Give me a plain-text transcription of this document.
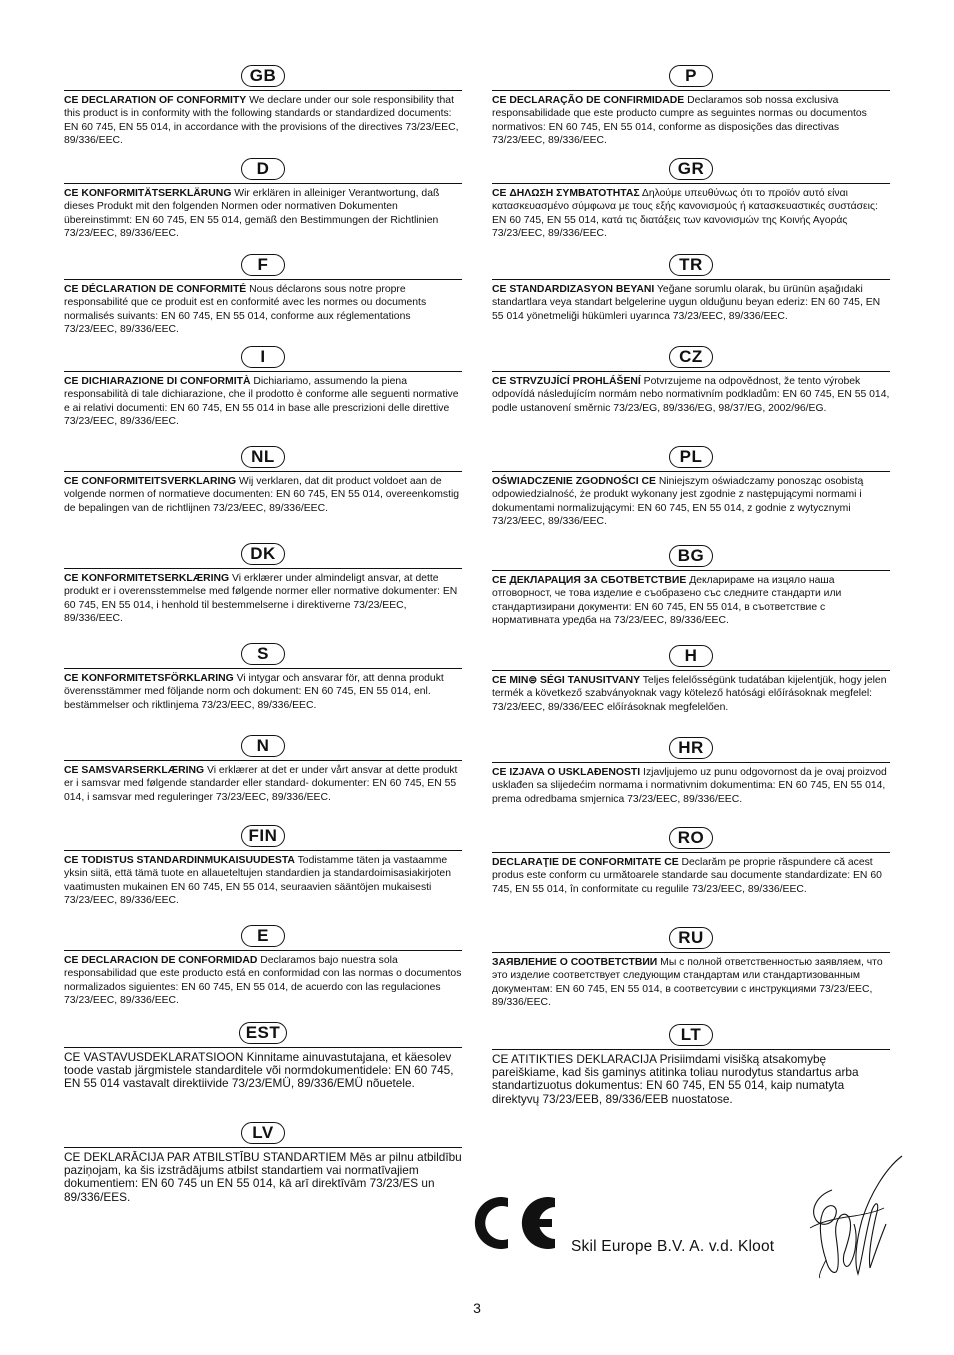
GB
CE DECLARATION OF CONFORMITY We declare under our sole responsibility that this product is in conformity with the following standards or standardized documents: EN 60 745, EN 55 014, in accordance with the provisions of the directives 73/23/EEC, 89/336/EEC.
D
CE KONFORMITÄTSERKLÄRUNG Wir erklären in alleiniger Verantwortung, daß dieses Produkt mit den folgenden Normen oder normativen Dokumenten übereinstimmt: EN 60 745, EN 55 014, gemäß den Bestimmungen der Richtlinien 73/23/EEC, 89/336/EEC.
F
CE DÉCLARATION DE CONFORMITÉ Nous déclarons sous notre propre responsabilité que ce produit est en conformité avec les normes ou documents normalisés suivants: EN 60 745, EN 55 014, conforme aux réglementations 73/23/EEC, 89/336/EEC.
I
CE DICHIARAZIONE DI CONFORMITÀ Dichiariamo, assumendo la piena responsabilità di tale dichiarazione, che il prodotto è conforme alle seguenti normative e ai relativi documenti: EN 60 745, EN 55 014 in base alle prescrizioni delle direttive 73/23/EEC, 89/336/EEC.
NL
CE CONFORMITEITSVERKLARING Wij verklaren, dat dit product voldoet aan de volgende normen of normatieve documenten: EN 60 745, EN 55 014, overeenkomstig de bepalingen van de richtlijnen 73/23/EEC, 89/336/EEC.
DK
CE KONFORMITETSERKLÆRING Vi erklærer under almindeligt ansvar, at dette produkt er i overensstemmelse med følgende normer eller normative dokumenter: EN 60 745, EN 55 014, i henhold til bestemmelserne i direktiverne 73/23/EEC, 89/336/EEC.
S
CE KONFORMITETSFÖRKLARING Vi intygar och ansvarar för, att denna produkt överensstämmer med följande norm och dokument: EN 60 745, EN 55 014, enl. bestämmelser och riktlinjema 73/23/EEC, 89/336/EEC.
N
CE SAMSVARSERKLÆRING Vi erklærer at det er under vårt ansvar at dette produkt er i samsvar med følgende standarder eller standard- dokumenter: EN 60 745, EN 55 014, i samsvar med reguleringer 73/23/EEC, 89/336/EEC.
FIN
CE TODISTUS STANDARDINMUKAISUUDESTA Todistamme täten ja vastaamme yksin siitä, että tämä tuote en allaueteltujen standardien ja standardoimisasiakirjoten vaatimusten mukainen EN 60 745, EN 55 014, seuraavien sääntöjen mukaisesti 73/23/EEC, 89/336/EEC.
E
CE DECLARACION DE CONFORMIDAD Declaramos bajo nuestra sola responsabilidad que este producto está en conformidad con las normas o documentos normalizados siguientes: EN 60 745, EN 55 014, de acuerdo con las regulaciones 73/23/EEC, 89/336/EEC.
EST
CE VASTAVUSDEKLARATSIOON Kinnitame ainuvastutajana, et käesolev toode vastab järgmistele standarditele või normdokumentidele: EN 60 745, EN 55 014 vastavalt direktiivide 73/23/EMÜ, 89/336/EMÜ nõuetele.
LV
CE DEKLARĀCIJA PAR ATBILSTĪBU STANDARTIEM Mēs ar pilnu atbildību paziņojam, ka šis izstrādājums atbilst standartiem vai normatīvajiem dokumentiem: EN 60 745 un EN 55 014, kā arī direktīvām 73/23/ES un 89/336/EES.
P
CE DECLARAÇÃO DE CONFIRMIDADE Declaramos sob nossa exclusiva responsabilidade que este producto cumpre as seguintes normas ou documentos normativos: EN 60 745, EN 55 014, conforme as disposições das directivas 73/23/EEC, 89/336/EEC.
GR
CE ΔΗΛΩΣΗ ΣΥΜΒΑΤΟΤΗΤΑΣ Δηλούμε υπευθύνως ότι το προϊόν αυτό είναι κατασκευασμένο σύμφωνα με τους εξής κανονισμούς ή κατασκευαστικές συστάσεις: EN 60 745, EN 55 014, κατά τις διατάξεις των κανονισμών της Κοινής Αγοράς 73/23/EEC, 89/336/EEC.
TR
CE STANDARDIZASYON BEYANI Yeğane sorumlu olarak, bu ürünün aşağıdaki standartlara veya standart belgelerine uygun olduğunu beyan ederiz: EN 60 745, EN 55 014 yönetmeliği hükümleri uyarınca 73/23/EEC, 89/336/EEC.
CZ
CE STRVZUJÍCÍ PROHLÁŠENÍ Potvrzujeme na odpovědnost, že tento výrobek odpovídá následujícím normám nebo normativním podkladům: EN 60 745, EN 55 014, podle ustanovení směrnic 73/23/EG, 89/336/EG, 98/37/EG, 2002/96/EG.
PL
OŚWIADCZENIE ZGODNOŚCI CE Niniejszym oświadczamy ponosząc osobistą odpowiedzialność, że produkt wykonany jest zgodnie z następującymi normami i dokumentami normalizującymi: EN 60 745, EN 55 014, z godnie z wytycznymi 73/23/EEC, 89/336/EEC.
BG
CE ДЕКЛАРАЦИЯ ЗА СБОТВЕТСТВИЕ Декларираме на изцяло наша отговорност, че това изделие е съобразено със следните стандарти или стандартизирани документи: EN 60 745, EN 55 014, в съответствие с нормативната уредба на 73/23/EEC, 89/336/EEC.
H
CE MIN⊜ SÉGI TANUSITVANY Teljes felelősségünk tudatában kijelentjük, hogy jelen termék a következő szabványoknak vagy kötelező hatósági előírásoknak megfelel: 73/23/EEC, 89/336/EEC előírásoknak megfelelően.
HR
CE IZJAVA O USKLAĐENOSTI Izjavljujemo uz punu odgovornost da je ovaj proizvod usklađen sa slijedećim normama i normativnim dokumentima: EN 60 745, EN 55 014, prema odredbama smjernica 73/23/EEC, 89/336/EEC.
RO
DECLARAŢIE DE CONFORMITATE CE Declarăm pe proprie răspundere că acest produs este conform cu următoarele standarde sau documente standardizate: EN 60 745, EN 55 014, în conformitate cu regulile 73/23/EEC, 89/336/EEC.
RU
ЗАЯВЛЕНИЕ О СООТВЕТСТВИИ Мы с полной ответственностью заявляем, что это изделие соответствует следующим стандартам или стандартизованным документам: EN 60 745, EN 55 014, в соответсувии с инструкциями 73/23/EEC, 89/336/EEC.
LT
CE ATITIKTIES DEKLARACIJA Prisiimdami visišką atsakomybę pareiškiame, kad šis gaminys atitinka toliau nurodytus standartus arba standartizuotus dokumentus: EN 60 745, EN 55 014, kaip numatyta direktyvų 73/23/EEB, 89/336/EEB nuostatose.
Skil Europe B.V. A. v.d. Kloot
3
